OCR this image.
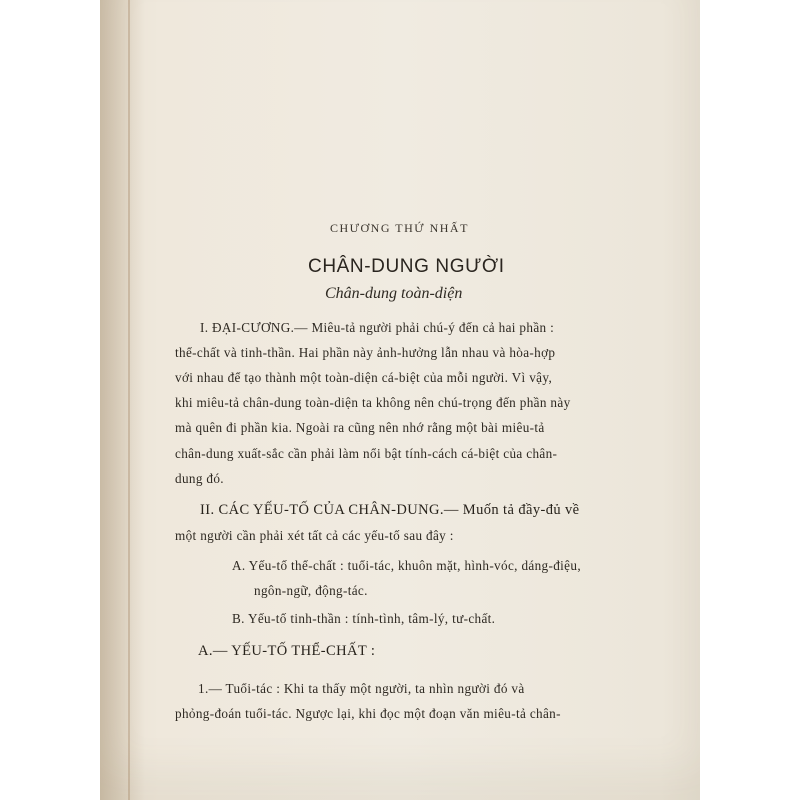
CHƯƠNG THỨ NHẤT
CHÂN-DUNG NGƯỜI
Chân-dung toàn-diện
I. ĐẠI-CƯƠNG.— Miêu-tả người phải chú-ý đến cả hai phần :
thể-chất và tinh-thần. Hai phần này ảnh-hưởng lẫn nhau và hòa-hợp
với nhau để tạo thành một toàn-diện cá-biệt của mỗi người. Vì vậy,
khi miêu-tả chân-dung toàn-diện ta không nên chú-trọng đến phần này
mà quên đi phần kia. Ngoài ra cũng nên nhớ rằng một bài miêu-tả
chân-dung xuất-sắc cần phải làm nổi bật tính-cách cá-biệt của chân-
dung đó.
II. CÁC YẾU-TỐ CỦA CHÂN-DUNG.— Muốn tả đầy-đủ về
một người cần phải xét tất cả các yếu-tố sau đây :
A. Yếu-tố thể-chất : tuổi-tác, khuôn mặt, hình-vóc, dáng-điệu,
ngôn-ngữ, động-tác.
B. Yếu-tố tinh-thần : tính-tình, tâm-lý, tư-chất.
A.— YẾU-TỐ THỂ-CHẤT :
1.— Tuổi-tác : Khi ta thấy một người, ta nhìn người đó và
phỏng-đoán tuổi-tác. Ngược lại, khi đọc một đoạn văn miêu-tả chân-
